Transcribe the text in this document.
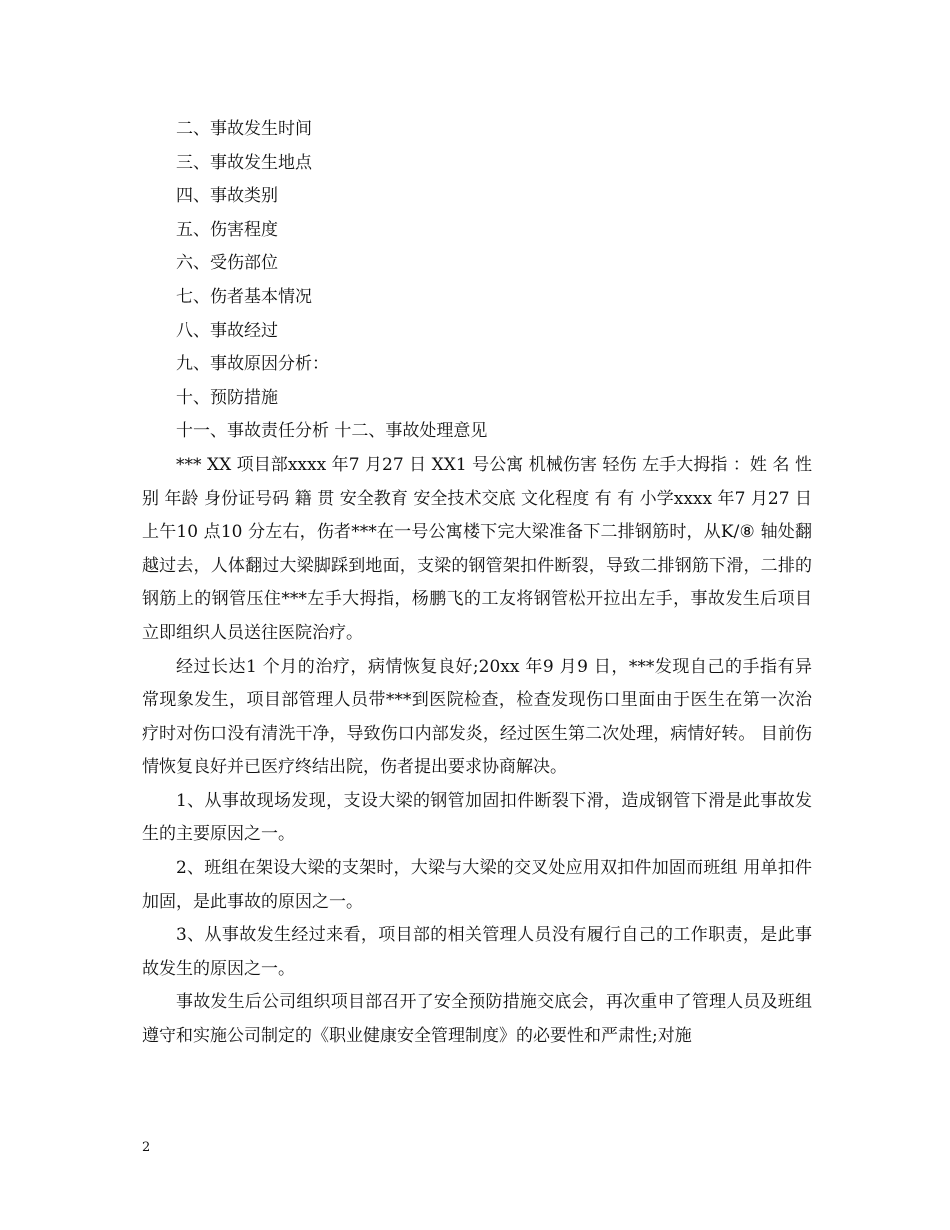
二、事故发生时间
三、事故发生地点
四、事故类别
五、伤害程度
六、受伤部位
七、伤者基本情况
八、事故经过
九、事故原因分析：
十、预防措施
十一、事故责任分析 十二、事故处理意见

*** XX 项目部xxxx 年7 月27 日 XX1 号公寓 机械伤害 轻伤 左手大拇指 ：姓 名 性别 年龄 身份证号码 籍 贯 安全教育 安全技术交底 文化程度 有 有 小学xxxx 年7 月27 日上午10 点10 分左右，伤者***在一号公寓楼下完大梁准备下二排钢筋时，从K/⑧ 轴处翻越过去，人体翻过大梁脚踩到地面，支梁的钢管架扣件断裂，导致二排钢筋下滑，二排的钢筋上的钢管压住***左手大拇指，杨鹏飞的工友将钢管松开拉出左手，事故发生后项目立即组织人员送往医院治疗。

经过长达1 个月的治疗，病情恢复良好;20xx 年9 月9 日，***发现自己的手指有异常现象发生，项目部管理人员带***到医院检查，检查发现伤口里面由于医生在第一次治疗时对伤口没有清洗干净，导致伤口内部发炎，经过医生第二次处理，病情好转。 目前伤情恢复良好并已医疗终结出院，伤者提出要求协商解决。

1、从事故现场发现，支设大梁的钢管加固扣件断裂下滑，造成钢管下滑是此事故发生的主要原因之一。

2、班组在架设大梁的支架时，大梁与大梁的交叉处应用双扣件加固而班组 用单扣件加固，是此事故的原因之一。

3、从事故发生经过来看，项目部的相关管理人员没有履行自己的工作职责，是此事故发生的原因之一。

事故发生后公司组织项目部召开了安全预防措施交底会，再次重申了管理人员及班组遵守和实施公司制定的《职业健康安全管理制度》的必要性和严肃性;对施

2
